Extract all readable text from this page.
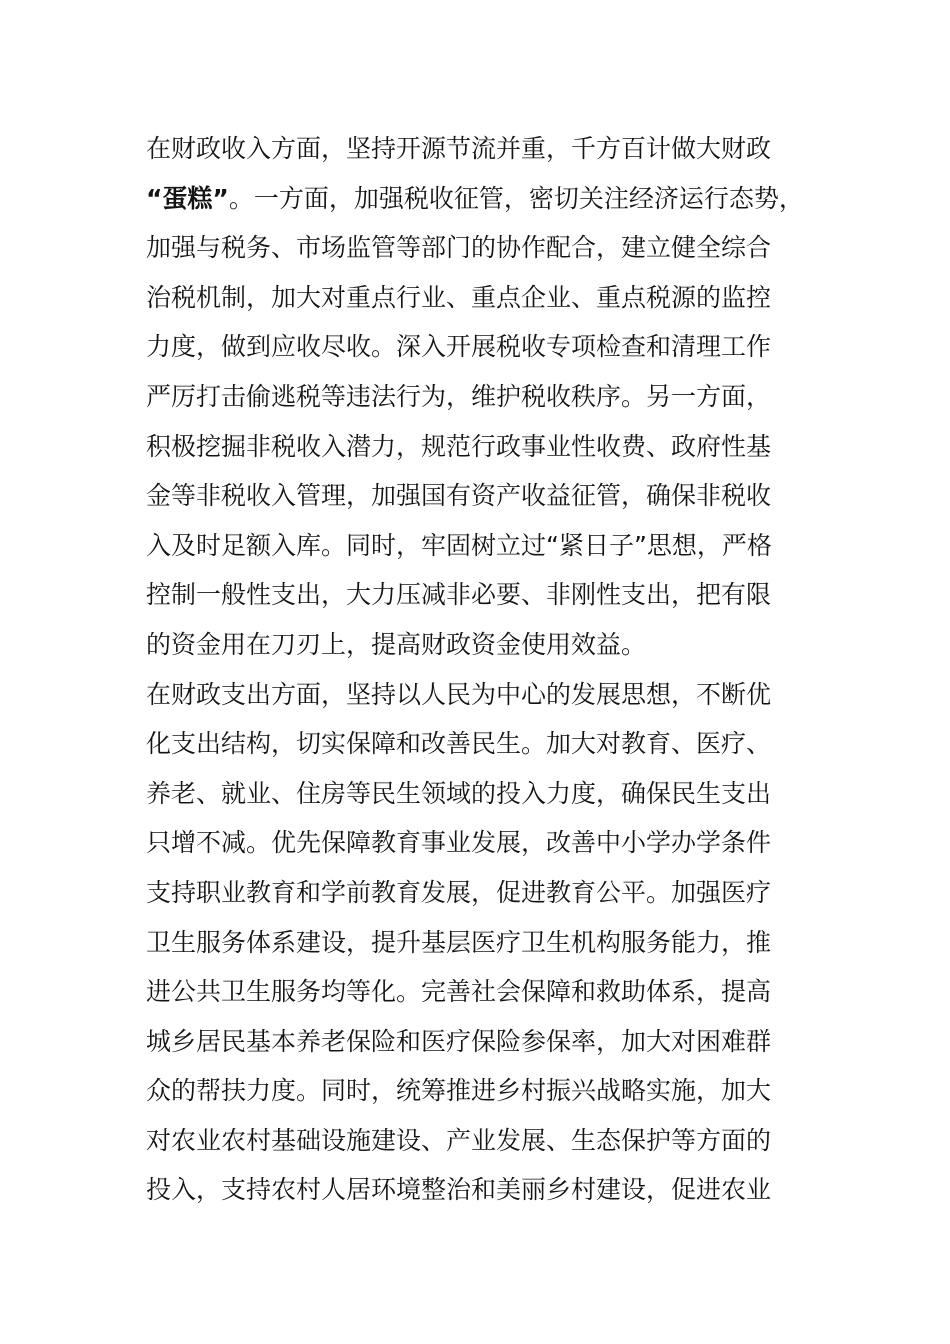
在财政收入方面，坚持开源节流并重，千方百计做大财政
“蛋糕”。一方面，加强税收征管，密切关注经济运行态势，
加强与税务、市场监管等部门的协作配合，建立健全综合
治税机制，加大对重点行业、重点企业、重点税源的监控
力度，做到应收尽收。深入开展税收专项检查和清理工作
严厉打击偷逃税等违法行为，维护税收秩序。另一方面，
积极挖掘非税收入潜力，规范行政事业性收费、政府性基
金等非税收入管理，加强国有资产收益征管，确保非税收
入及时足额入库。同时，牢固树立过“紧日子”思想，严格
控制一般性支出，大力压减非必要、非刚性支出，把有限
的资金用在刀刃上，提高财政资金使用效益。
在财政支出方面，坚持以人民为中心的发展思想，不断优
化支出结构，切实保障和改善民生。加大对教育、医疗、
养老、就业、住房等民生领域的投入力度，确保民生支出
只增不减。优先保障教育事业发展，改善中小学办学条件
支持职业教育和学前教育发展，促进教育公平。加强医疗
卫生服务体系建设，提升基层医疗卫生机构服务能力，推
进公共卫生服务均等化。完善社会保障和救助体系，提高
城乡居民基本养老保险和医疗保险参保率，加大对困难群
众的帮扶力度。同时，统筹推进乡村振兴战略实施，加大
对农业农村基础设施建设、产业发展、生态保护等方面的
投入，支持农村人居环境整治和美丽乡村建设，促进农业
